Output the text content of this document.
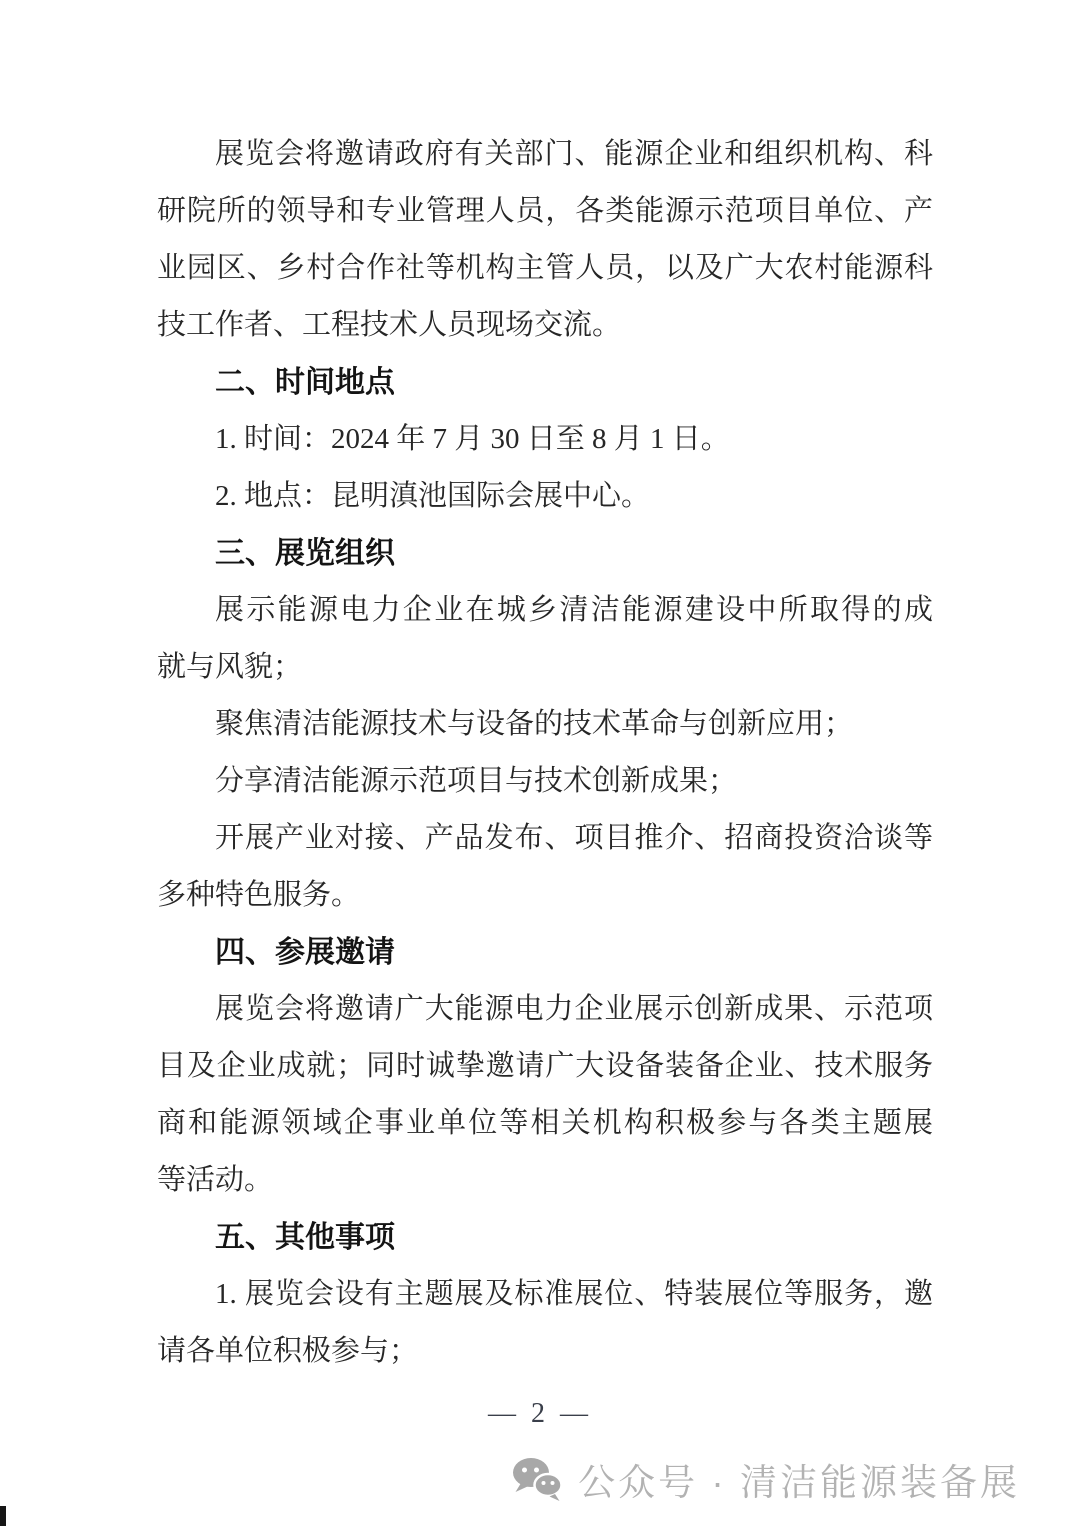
展览会将邀请政府有关部门、能源企业和组织机构、科
研院所的领导和专业管理人员，各类能源示范项目单位、产
业园区、乡村合作社等机构主管人员，以及广大农村能源科
技工作者、工程技术人员现场交流。
二、时间地点
1. 时间：2024 年 7 月 30 日至 8 月 1 日。
2. 地点：昆明滇池国际会展中心。
三、展览组织
展示能源电力企业在城乡清洁能源建设中所取得的成
就与风貌；
聚焦清洁能源技术与设备的技术革命与创新应用；
分享清洁能源示范项目与技术创新成果；
开展产业对接、产品发布、项目推介、招商投资洽谈等
多种特色服务。
四、参展邀请
展览会将邀请广大能源电力企业展示创新成果、示范项
目及企业成就；同时诚挚邀请广大设备装备企业、技术服务
商和能源领域企事业单位等相关机构积极参与各类主题展
等活动。
五、其他事项
1. 展览会设有主题展及标准展位、特装展位等服务，邀
请各单位积极参与；
— 2 —
公众号 · 清洁能源装备展
